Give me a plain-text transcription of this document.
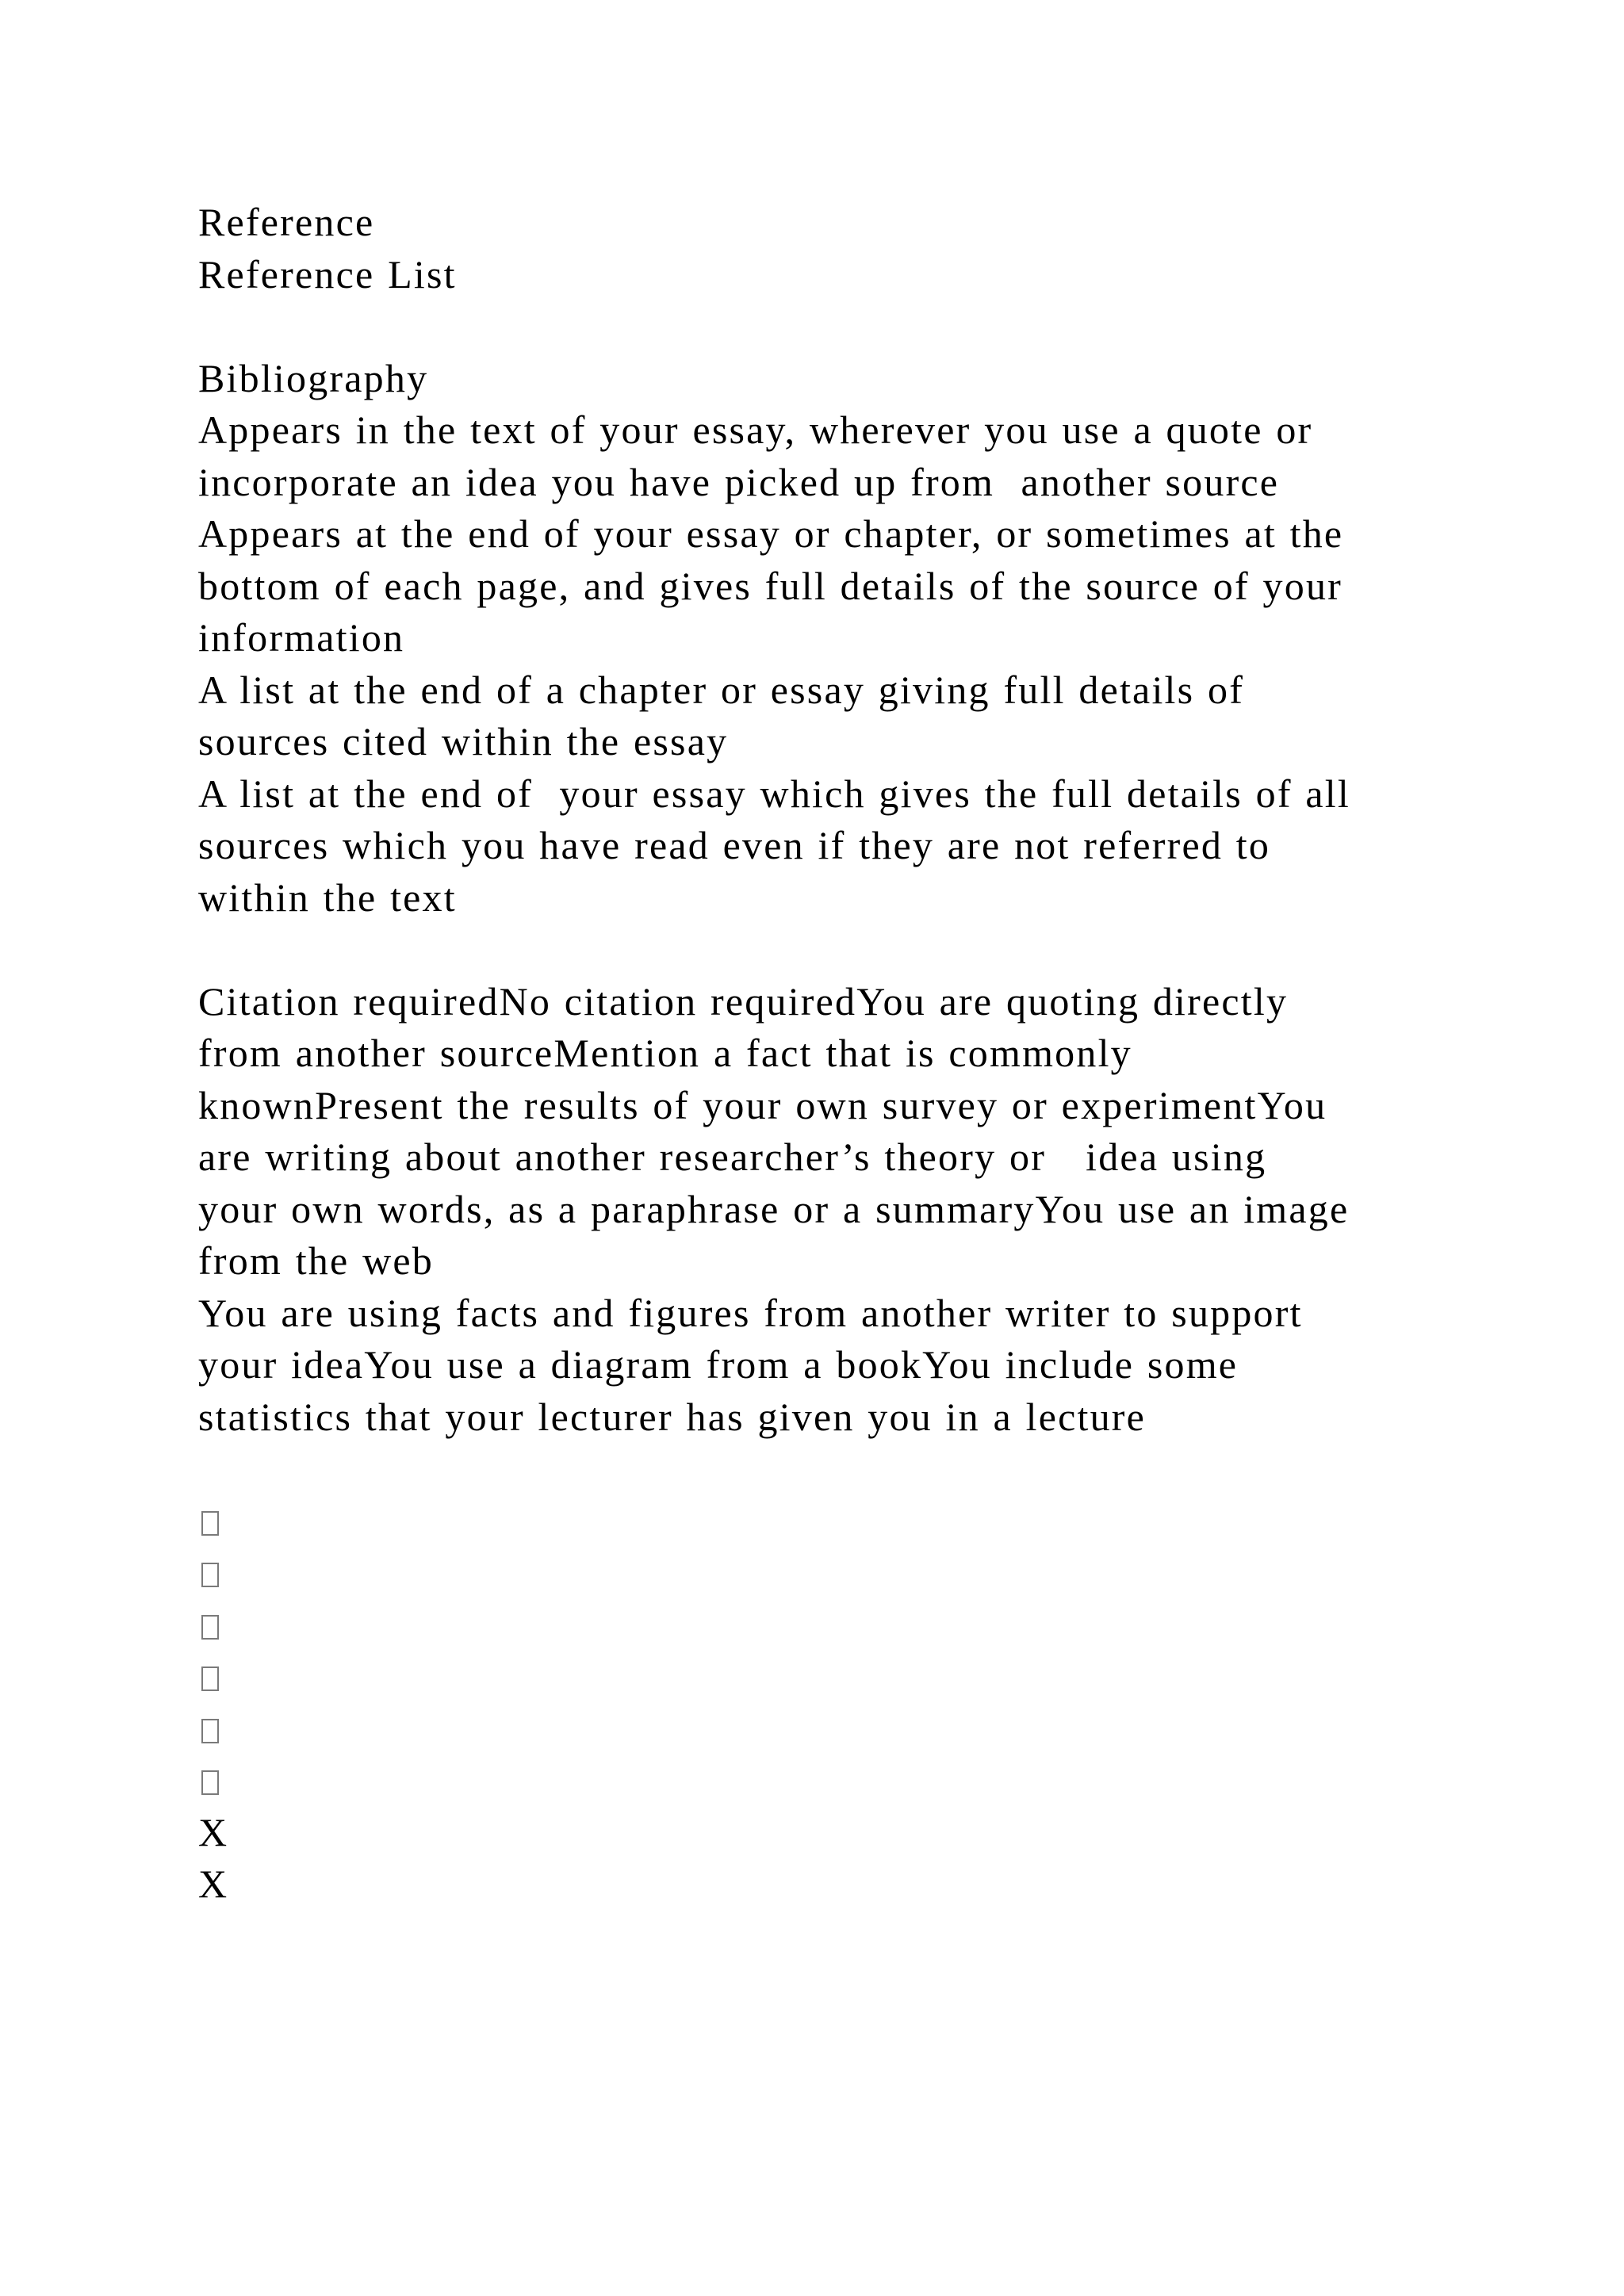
Reference
Reference List
Bibliography
Appears in the text of your essay, wherever you use a quote or
incorporate an idea you have picked up from  another source
Appears at the end of your essay or chapter, or sometimes at the
bottom of each page, and gives full details of the source of your
information
A list at the end of a chapter or essay giving full details of
sources cited within the essay
A list at the end of  your essay which gives the full details of all
sources which you have read even if they are not referred to
within the text
Citation requiredNo citation requiredYou are quoting directly
from another sourceMention a fact that is commonly
knownPresent the results of your own survey or experimentYou
are writing about another researcher’s theory or   idea using
your own words, as a paraphrase or a summaryYou use an image
from the web
You are using facts and figures from another writer to support
your ideaYou use a diagram from a bookYou include some
statistics that your lecturer has given you in a lecture
X
X
